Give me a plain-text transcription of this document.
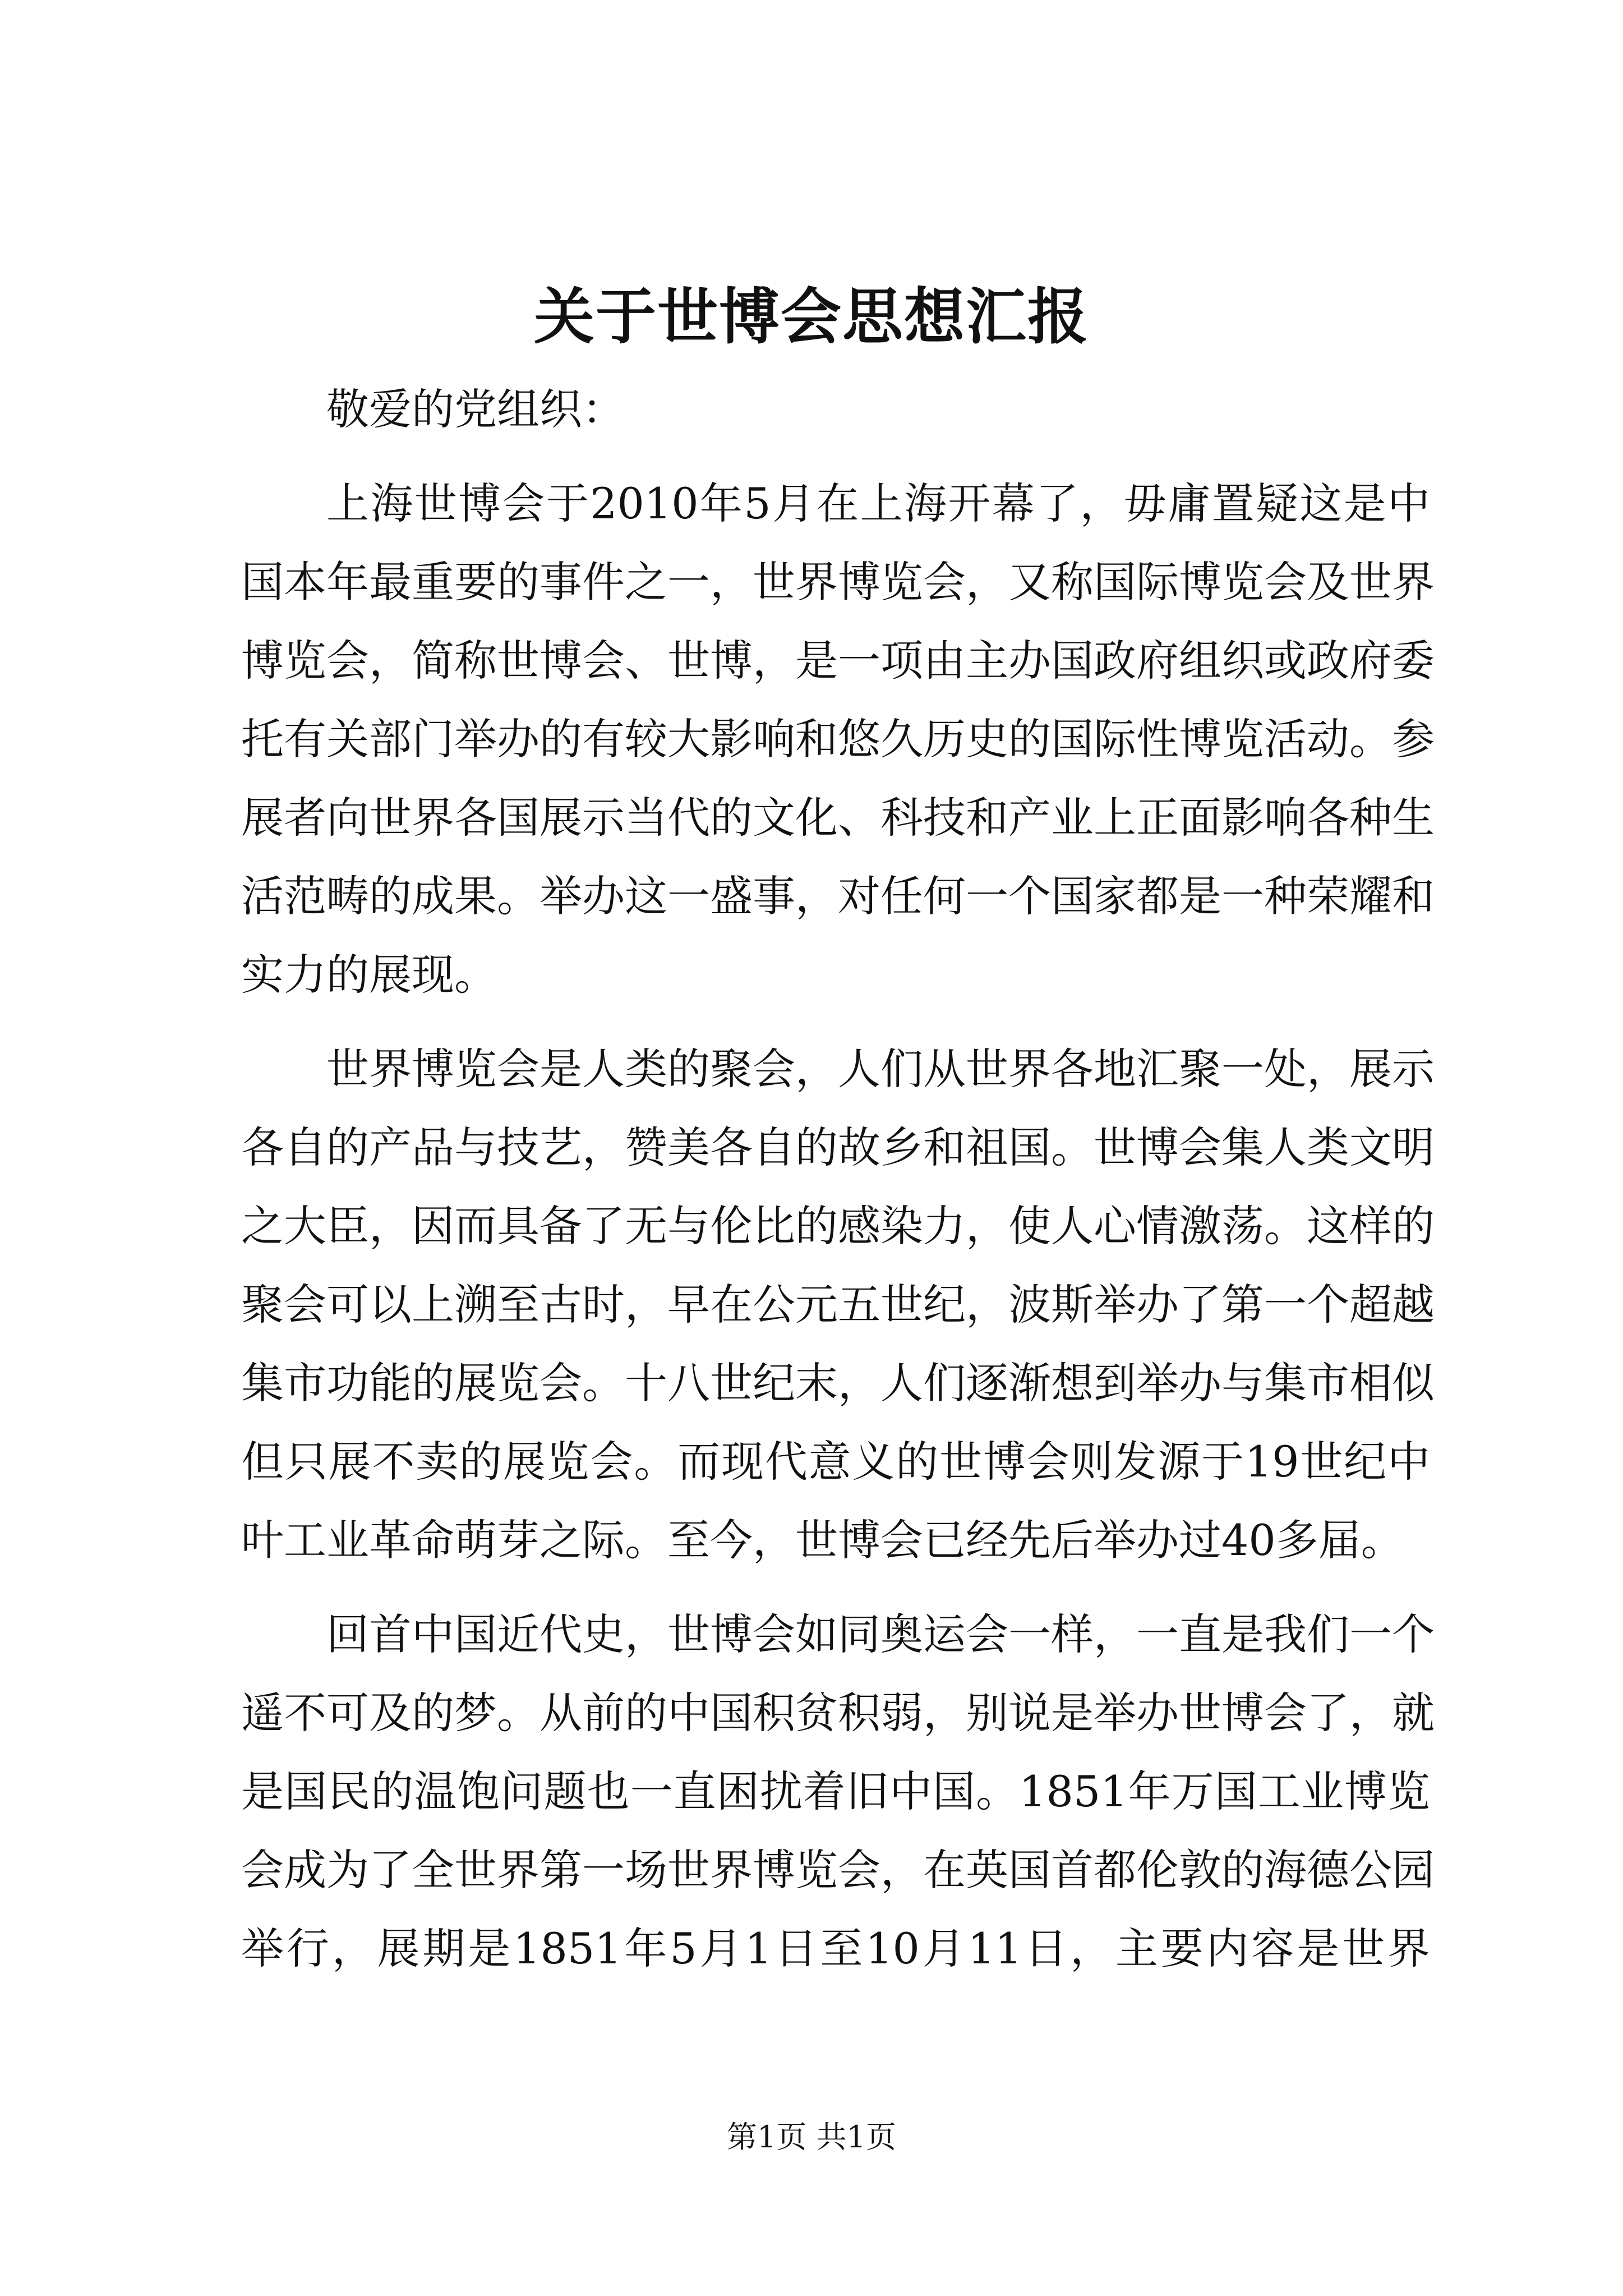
关于世博会思想汇报

敬爱的党组织：

上海世博会于2010年5月在上海开幕了，毋庸置疑这是中
国本年最重要的事件之一，世界博览会，又称国际博览会及世界
博览会，简称世博会、世博，是一项由主办国政府组织或政府委
托有关部门举办的有较大影响和悠久历史的国际性博览活动。参
展者向世界各国展示当代的文化、科技和产业上正面影响各种生
活范畴的成果。举办这一盛事，对任何一个国家都是一种荣耀和
实力的展现。
世界博览会是人类的聚会，人们从世界各地汇聚一处，展示
各自的产品与技艺，赞美各自的故乡和祖国。世博会集人类文明
之大臣，因而具备了无与伦比的感染力，使人心情激荡。这样的
聚会可以上溯至古时，早在公元五世纪，波斯举办了第一个超越
集市功能的展览会。十八世纪末，人们逐渐想到举办与集市相似
但只展不卖的展览会。而现代意义的世博会则发源于19世纪中
叶工业革命萌芽之际。至今，世博会已经先后举办过40多届。
回首中国近代史，世博会如同奥运会一样，一直是我们一个
遥不可及的梦。从前的中国积贫积弱，别说是举办世博会了，就
是国民的温饱问题也一直困扰着旧中国。1851年万国工业博览
会成为了全世界第一场世界博览会，在英国首都伦敦的海德公园
举行，展期是1851年5月1日至10月11日，主要内容是世界
第1页 共1页
